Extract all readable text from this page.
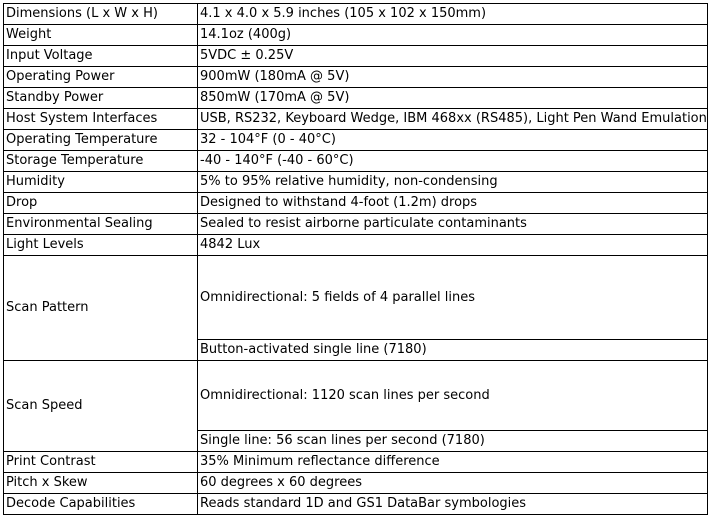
Dimensions (L x W x H)	4.1 x 4.0 x 5.9 inches (105 x 102 x 150mm)
Weight	14.1oz (400g)
Input Voltage	5VDC ± 0.25V
Operating Power	900mW (180mA @ 5V)
Standby Power	850mW (170mA @ 5V)
Host System Interfaces	USB, RS232, Keyboard Wedge, IBM 468xx (RS485), Light Pen Wand Emulation
Operating Temperature	32 - 104°F (0 - 40°C)
Storage Temperature	-40 - 140°F (-40 - 60°C)
Humidity	5% to 95% relative humidity, non-condensing
Drop	Designed to withstand 4-foot (1.2m) drops
Environmental Sealing	Sealed to resist airborne particulate contaminants
Light Levels	4842 Lux
Scan Pattern	Omnidirectional: 5 fields of 4 parallel lines
	Button-activated single line (7180)
Scan Speed	Omnidirectional: 1120 scan lines per second
	Single line: 56 scan lines per second (7180)
Print Contrast	35% Minimum reflectance difference
Pitch x Skew	60 degrees x 60 degrees
Decode Capabilities	Reads standard 1D and GS1 DataBar symbologies
